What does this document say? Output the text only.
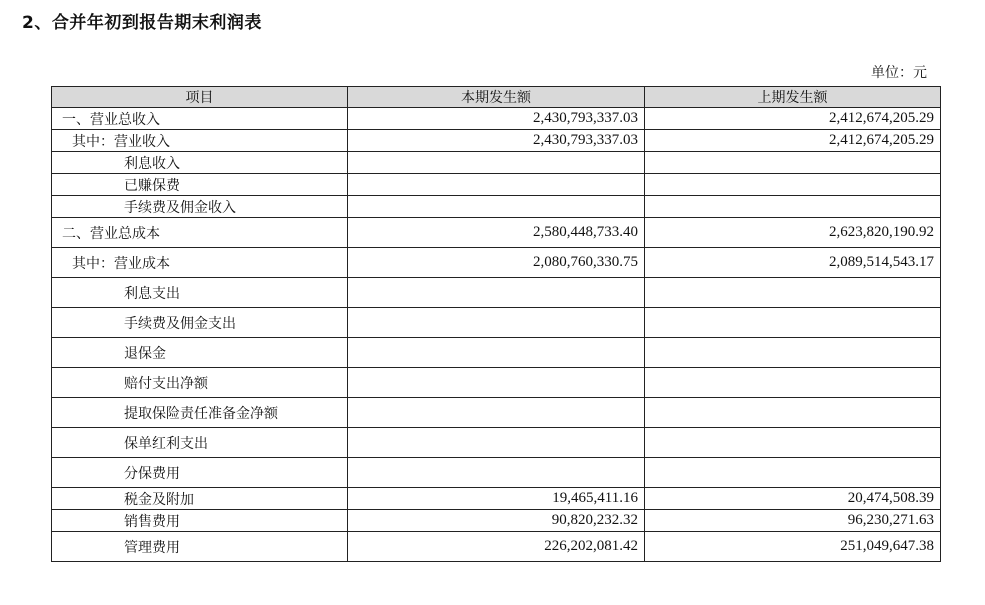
2、合并年初到报告期末利润表
单位：元
项目	本期发生额	上期发生额
一、营业总收入	2,430,793,337.03	2,412,674,205.29
其中：营业收入	2,430,793,337.03	2,412,674,205.29
利息收入		
已赚保费		
手续费及佣金收入		
二、营业总成本	2,580,448,733.40	2,623,820,190.92
其中：营业成本	2,080,760,330.75	2,089,514,543.17
利息支出		
手续费及佣金支出		
退保金		
赔付支出净额		
提取保险责任准备金净额		
保单红利支出		
分保费用		
税金及附加	19,465,411.16	20,474,508.39
销售费用	90,820,232.32	96,230,271.63
管理费用	226,202,081.42	251,049,647.38
